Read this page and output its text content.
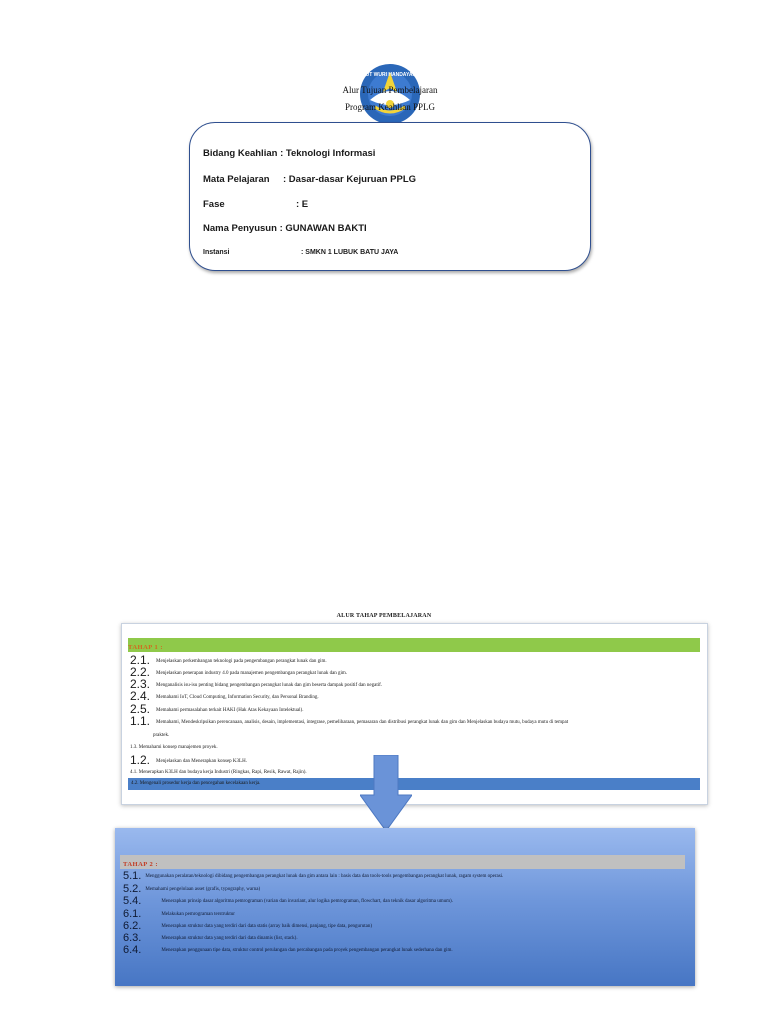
TUT WURI HANDAYANI
Alur Tujuan Pembelajaran
Program Keahlian PPLG
Bidang Keahlian : Teknologi Informasi
Mata Pelajaran : Dasar-dasar Kejuruan PPLG
Fase	: E
Nama Penyusun : GUNAWAN BAKTI
Instansi	: SMKN 1 LUBUK BATU JAYA
ALUR TAHAP PEMBELAJARAN
TAHAP 1 :
2.1. Menjelaskan perkembangan teknologi pada pengembangan perangkat lunak dan gim.
2.2. Menjelaskan penerapan industry 4.0 pada manajemen pengembangan perangkat lunak dan gim.
2.3. Menganalisis isu-isu penting bidang pengembangan perangkat lunak dan gim beserta dampak positif dan negatif.
2.4. Memahami IoT, Cloud Computing, Information Security, dan Personal Branding.
2.5. Memahami permasalahan terkait HAKI (Hak Atas Kekayaan Intelektual).
1.1. Memahami, Mendeskripsikan perencanaan, analisis, desain, implementasi, integrase, pemeliharaan, pemasaran dan distribusi perangkat lunak dan gim dan Menjelaskan budaya mutu, budaya mutu di tempat
praktek.
1.3. Memahami konsep manajemen proyek.
1.2. Menjelaskan dan Menerapkan konsep K3LH.
4.1. Menerapkan K3LH dan budaya kerja Industri (Ringkas, Rapi, Resik, Rawat, Rajin).
4.2. Mengenali prosedur kerja dan pencegahan kecelakaan kerja.
TAHAP 2 :
5.1. Menggunakan peralatan/teknologi dibidang pengembangan perangkat lunak dan gim antara lain : basis data dan tools-tools pengembangan perangkat lunak, ragam system operasi.
5.2. Memahami pengelolaan asset (grafis, typography, warna)
5.4.	Menerapkan prinsip dasar algoritma pemrograman (varian dan invariant, alur logika pemrograman, flowchart, dan teknik dasar algoritma umum).
6.1.	Melakukan pemrograman terstruktur
6.2.	Menerapkan struktur data yang terdiri dari data statis (array baik dimensi, panjang, tipe data, pengurutan)
6.3.	Menerapkan struktur data yang terdiri dari data dinamis (list, stack).
6.4.	Menerapkan penggunaan tipe data, struktur control perulangan dan percabangan pada proyek pengembangan perangkat lunak sederhana dan gim.
